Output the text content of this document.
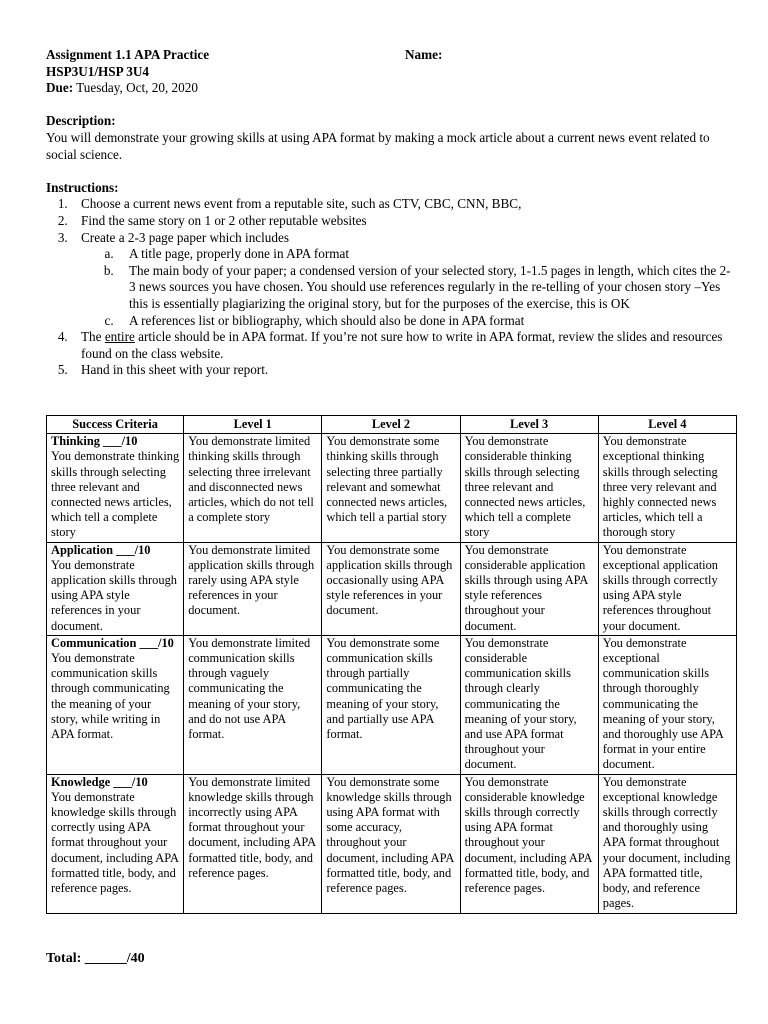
Assignment 1.1 APA Practice	Name:
HSP3U1/HSP 3U4
Due: Tuesday, Oct, 20, 2020
Description:

You will demonstrate your growing skills at using APA format by making a mock article about a current news event related to social science.

Instructions:
1. Choose a current news event from a reputable site, such as CTV, CBC, CNN, BBC,
2. Find the same story on 1 or 2 other reputable websites
3. Create a 2-3 page paper which includes
a. A title page, properly done in APA format
b. The main body of your paper; a condensed version of your selected story, 1-1.5 pages in length, which cites the 2-3 news sources you have chosen. You should use references regularly in the re-telling of your chosen story –Yes this is essentially plagiarizing the original story, but for the purposes of the exercise, this is OK
c. A references list or bibliography, which should also be done in APA format
4. The entire article should be in APA format. If you’re not sure how to write in APA format, review the slides and resources found on the class website.
5. Hand in this sheet with your report.
Success Criteria	Level 1	Level 2	Level 3	Level 4

Thinking ___/10
You demonstrate thinking skills through selecting three relevant and connected news articles, which tell a complete story	You demonstrate limited thinking skills through selecting three irrelevant and disconnected news articles, which do not tell a complete story	You demonstrate some thinking skills through selecting three partially relevant and somewhat connected news articles, which tell a partial story	You demonstrate considerable thinking skills through selecting three relevant and connected news articles, which tell a complete story	You demonstrate exceptional thinking skills through selecting three very relevant and highly connected news articles, which tell a thorough story

Application ___/10
You demonstrate application skills through using APA style references in your document.	You demonstrate limited application skills through rarely using APA style references in your document.	You demonstrate some application skills through occasionally using APA style references in your document.	You demonstrate considerable application skills through using APA style references throughout your document.	You demonstrate exceptional application skills through correctly using APA style references throughout your document.

Communication ___/10
You demonstrate communication skills through communicating the meaning of your story, while writing in APA format.	You demonstrate limited communication skills through vaguely communicating the meaning of your story, and do not use APA format.	You demonstrate some communication skills through partially communicating the meaning of your story, and partially use APA format.	You demonstrate considerable communication skills through clearly communicating the meaning of your story, and use APA format throughout your document.	You demonstrate exceptional communication skills through thoroughly communicating the meaning of your story, and thoroughly use APA format in your entire document.

Knowledge ___/10
You demonstrate knowledge skills through correctly using APA format throughout your document, including APA formatted title, body, and reference pages.	You demonstrate limited knowledge skills through incorrectly using APA format throughout your document, including APA formatted title, body, and reference pages.	You demonstrate some knowledge skills through using APA format with some accuracy, throughout your document, including APA formatted title, body, and reference pages.	You demonstrate considerable knowledge skills through correctly using APA format throughout your document, including APA formatted title, body, and reference pages.	You demonstrate exceptional knowledge skills through correctly and thoroughly using APA format throughout your document, including APA formatted title, body, and reference pages.
Total: ______/40
